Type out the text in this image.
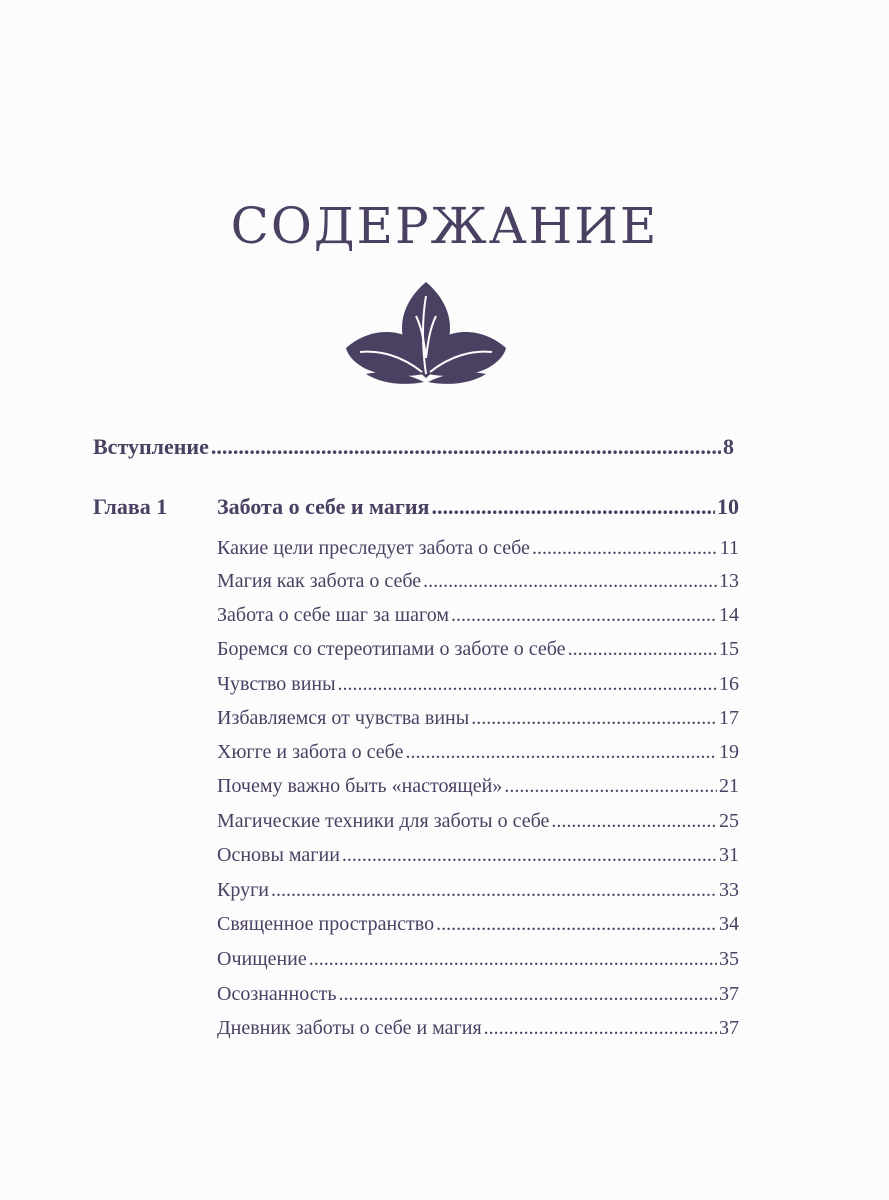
СОДЕРЖАНИЕ
Вступление .....	8
Глава 1 Забота о себе и магия .....	10
Какие цели преследует забота о себе .....	11
Магия как забота о себе .....	13
Забота о себе шаг за шагом .....	14
Боремся со стереотипами о заботе о себе .....	15
Чувство вины .....	16
Избавляемся от чувства вины .....	17
Хюгге и забота о себе .....	19
Почему важно быть «настоящей» .....	21
Магические техники для заботы о себе .....	25
Основы магии .....	31
Круги .....	33
Священное пространство .....	34
Очищение .....	35
Осознанность .....	37
Дневник заботы о себе и магия .....	37
